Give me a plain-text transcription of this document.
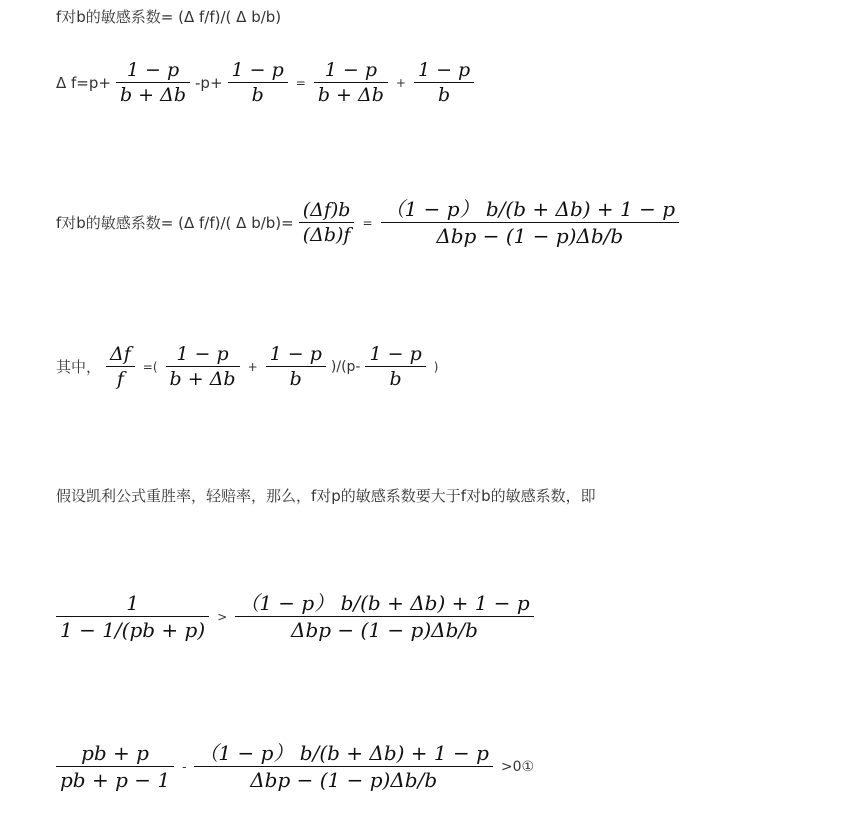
f对b的敏感系数= (Δ f/f)/( Δ b/b)
Δ $f=p+ \frac{1 - p}{b + \Delta b} -p+ \frac{1 - p}{b} = \frac{1 - p}{b + \Delta b} + \frac{1 - p}{b}$
f对b的敏感系数= (Δ f/f)/( Δ $b/b)= \frac{(\Delta f)b}{(\Delta b)f} = \frac{(1 - p) b/(b + \Delta b) + 1 - p}{\text{Δbp − (1 − p)Δb/b}}$
其中， $\frac{\Delta f}{f}$ =( $\frac{1 - p}{b + \Delta b} + \frac{1 - p}{b} )/(p- \frac{1 - p}{b}$ )
假设凯利公式重胜率，轻赔率，那么，f对p的敏感系数要大于f对b的敏感系数，即
$\frac{1}{1 - 1/(pb + p)} > \frac{(1 - p) b/(b + \Delta b) + 1 - p}{\text{Δbp − (1 − p)Δb/b}}$
$\frac{pb + p}{pb + p - 1} - \frac{(1 - p) b/(b + \Delta b) + 1 - p}{\text{Δbp − (1 − p)Δb/b}}$ >0①
